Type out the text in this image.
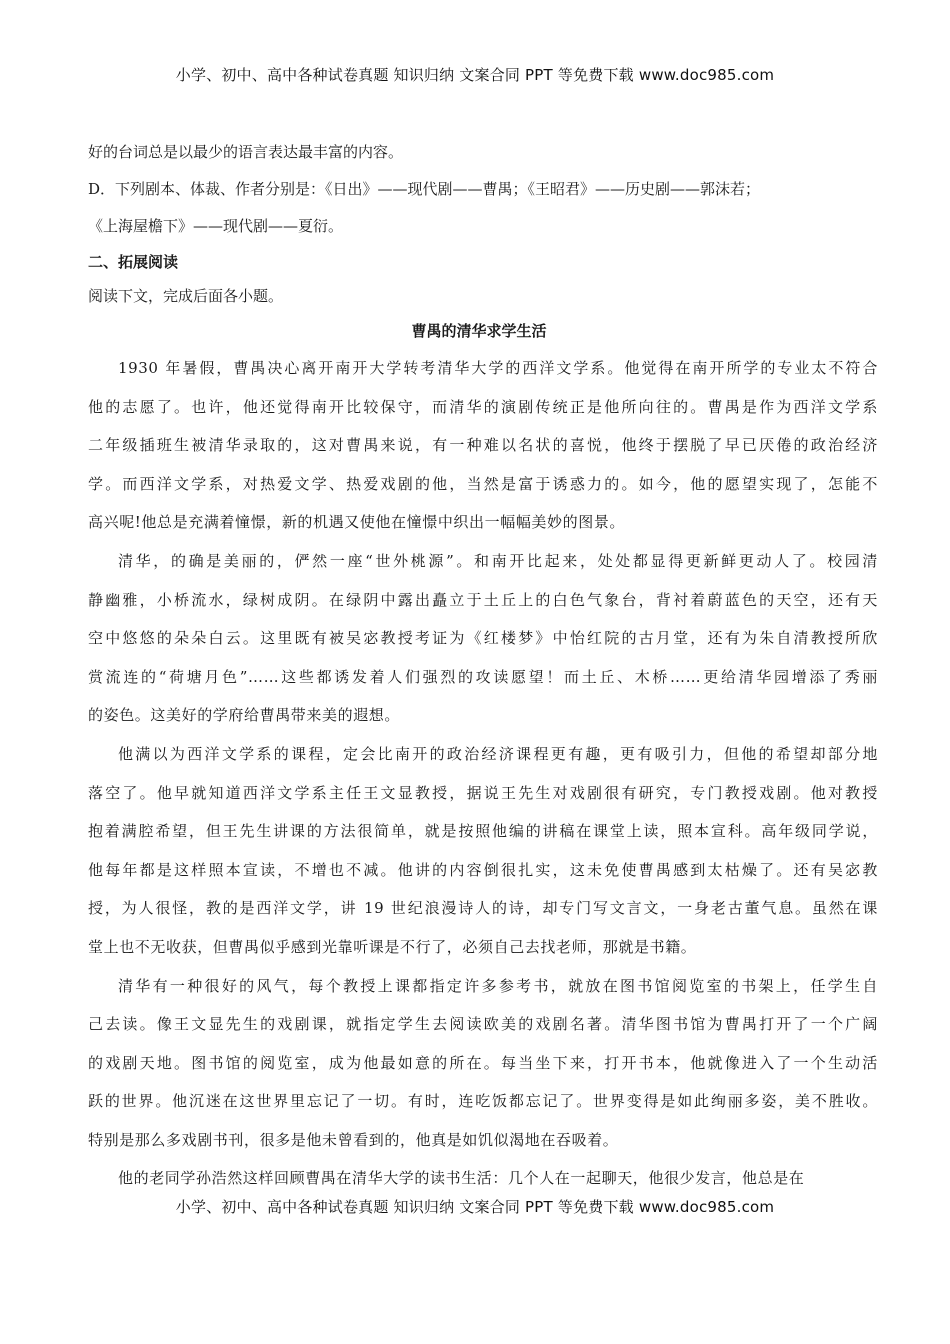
小学、初中、高中各种试卷真题 知识归纳 文案合同 PPT 等免费下载 www.doc985.com
好的台词总是以最少的语言表达最丰富的内容。
D．下列剧本、体裁、作者分别是：《日出》——现代剧——曹禺；《王昭君》——历史剧——郭沫若；
《上海屋檐下》——现代剧——夏衍。
二、拓展阅读
阅读下文，完成后面各小题。
曹禺的清华求学生活
1930 年暑假，曹禺决心离开南开大学转考清华大学的西洋文学系。他觉得在南开所学的专业太不符合
他的志愿了。也许，他还觉得南开比较保守，而清华的演剧传统正是他所向往的。曹禺是作为西洋文学系
二年级插班生被清华录取的，这对曹禺来说，有一种难以名状的喜悦，他终于摆脱了早已厌倦的政治经济
学。而西洋文学系，对热爱文学、热爱戏剧的他，当然是富于诱惑力的。如今，他的愿望实现了，怎能不
高兴呢!他总是充满着憧憬，新的机遇又使他在憧憬中织出一幅幅美妙的图景。
清华，的确是美丽的，俨然一座“世外桃源”。和南开比起来，处处都显得更新鲜更动人了。校园清
静幽雅，小桥流水，绿树成阴。在绿阴中露出矗立于土丘上的白色气象台，背衬着蔚蓝色的天空，还有天
空中悠悠的朵朵白云。这里既有被吴宓教授考证为《红楼梦》中怡红院的古月堂，还有为朱自清教授所欣
赏流连的“荷塘月色”……这些都诱发着人们强烈的攻读愿望！而土丘、木桥……更给清华园增添了秀丽
的姿色。这美好的学府给曹禺带来美的遐想。
他满以为西洋文学系的课程，定会比南开的政治经济课程更有趣，更有吸引力，但他的希望却部分地
落空了。他早就知道西洋文学系主任王文显教授，据说王先生对戏剧很有研究，专门教授戏剧。他对教授
抱着满腔希望，但王先生讲课的方法很简单，就是按照他编的讲稿在课堂上读，照本宣科。高年级同学说，
他每年都是这样照本宣读，不增也不减。他讲的内容倒很扎实，这未免使曹禺感到太枯燥了。还有吴宓教
授，为人很怪，教的是西洋文学，讲 19 世纪浪漫诗人的诗，却专门写文言文，一身老古董气息。虽然在课
堂上也不无收获，但曹禺似乎感到光靠听课是不行了，必须自己去找老师，那就是书籍。
清华有一种很好的风气，每个教授上课都指定许多参考书，就放在图书馆阅览室的书架上，任学生自
己去读。像王文显先生的戏剧课，就指定学生去阅读欧美的戏剧名著。清华图书馆为曹禺打开了一个广阔
的戏剧天地。图书馆的阅览室，成为他最如意的所在。每当坐下来，打开书本，他就像进入了一个生动活
跃的世界。他沉迷在这世界里忘记了一切。有时，连吃饭都忘记了。世界变得是如此绚丽多姿，美不胜收。
特别是那么多戏剧书刊，很多是他未曾看到的，他真是如饥似渴地在吞吸着。
他的老同学孙浩然这样回顾曹禺在清华大学的读书生活：几个人在一起聊天，他很少发言，他总是在
小学、初中、高中各种试卷真题 知识归纳 文案合同 PPT 等免费下载 www.doc985.com
